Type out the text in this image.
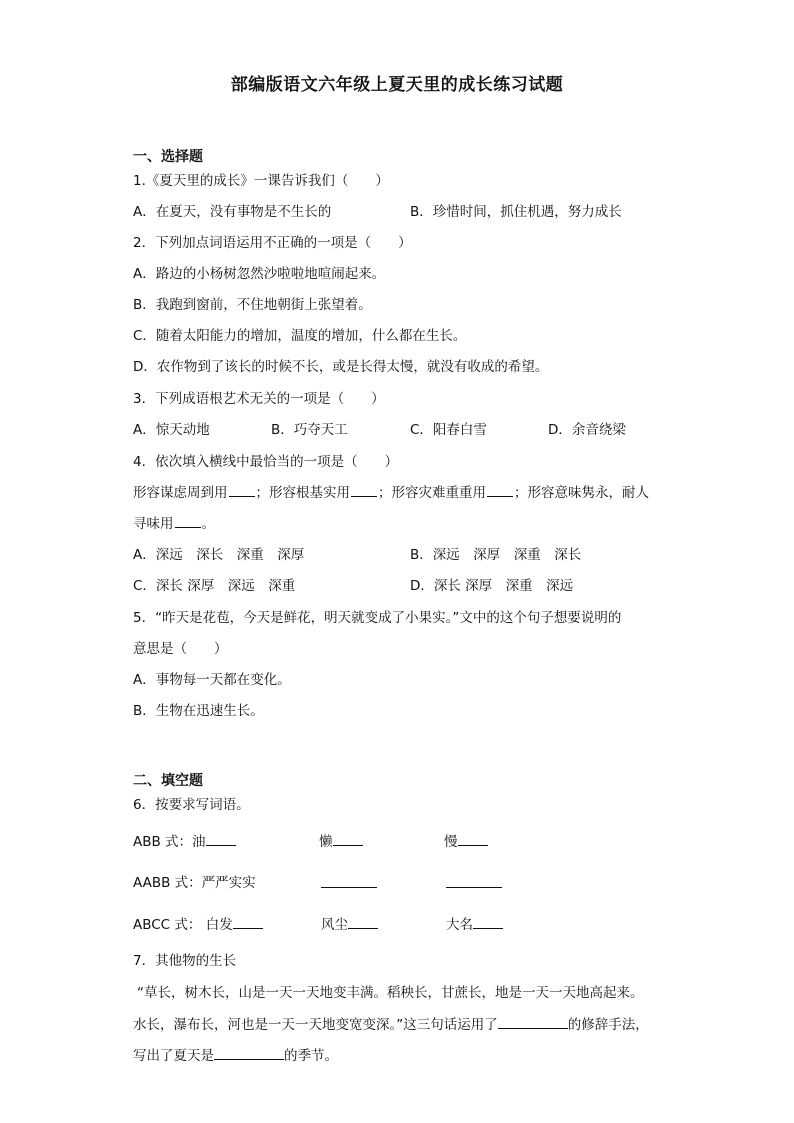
部编版语文六年级上夏天里的成长练习试题
一、选择题
1.《夏天里的成长》一课告诉我们（　　）
A．在夏天，没有事物是不生长的	B．珍惜时间，抓住机遇，努力成长
2．下列加点词语运用不正确的一项是（　　）
A．路边的小杨树忽然沙啦啦地喧闹起来。
B．我跑到窗前，不住地朝街上张望着。
C．随着太阳能力的增加，温度的增加，什么都在生长。
D．农作物到了该长的时候不长，或是长得太慢，就没有收成的希望。
3．下列成语根艺术无关的一项是（　　）
A．惊天动地	B．巧夺天工	C．阳春白雪	D．余音绕梁
4．依次填入横线中最恰当的一项是（　　）
形容谋虑周到用 ；形容根基实用 ；形容灾难重重用 ；形容意味隽永，耐人
寻味用 。
A．深远　深长　深重　深厚	B．深远　深厚　深重　深长
C．深长 深厚　深远　深重	D．深长 深厚　深重　深远
5．“昨天是花苞，今天是鲜花，明天就变成了小果实。”文中的这个句子想要说明的
意思是（　　）
A．事物每一天都在变化。
B．生物在迅速生长。
二、填空题
6．按要求写词语。
ABB 式：油	懒	慢
AABB 式：严严实实
ABCC 式： 白发	风尘	大名
7．其他物的生长
“草长，树木长，山是一天一天地变丰满。稻秧长，甘蔗长，地是一天一天地高起来。
水长，瀑布长，河也是一天一天地变宽变深。”这三句话运用了	的修辞手法，
写出了夏天是	的季节。
